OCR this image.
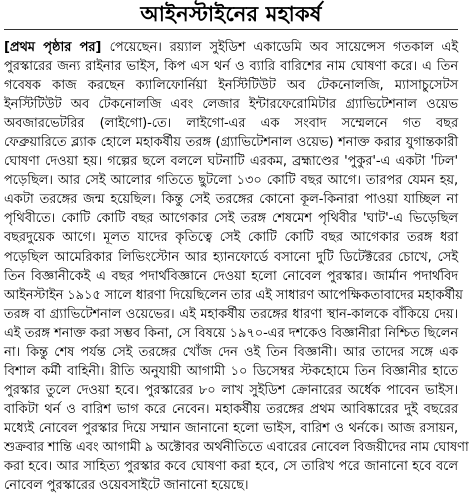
আইনস্টাইনের মহাকর্ষ
[প্রথম পৃষ্ঠার পর] পেয়েছেন। রয়্যাল সুইডিশ একাডেমি অব সায়েন্সেস গতকাল এই
পুরস্কারের জন্য রাইনার ভাইস, কিপ এস থর্ন ও ব্যারি বারিশের নাম ঘোষণা করে। এ তিন
গবেষক কাজ করছেন ক্যালিফোর্নিয়া ইনস্টিটিউট অব টেকনোলজি, ম্যাসাচুসেটস
ইনস্টিটিউট অব টেকনোলজি এবং লেজার ইন্টারফেরোমিটার গ্র্যাভিটেশনাল ওয়েভ
অবজারভেটরির (লাইগো)-তে। লাইগো-এর এক সংবাদ সম্মেলনে গত বছর
ফেব্রুয়ারিতে ব্ল্যাক হোলে মহাকর্ষীয় তরঙ্গ (গ্র্যাভিটেশনাল ওয়েভ) শনাক্ত করার যুগান্তকারী
ঘোষণা দেওয়া হয়। গল্পের ছলে বললে ঘটনাটি এরকম, ব্রহ্মাণ্ডের 'পুকুর'-এ একটা 'ঢিল'
পড়েছিল। আর সেই আলোর গতিতে ছুটলো ১৩০ কোটি বছর আগে। তারপর যেমন হয়,
একটা তরঙ্গের জন্ম হয়েছিল। কিন্তু সেই তরঙ্গের কোনো কূল-কিনারা পাওয়া যাচ্ছিল না
পৃথিবীতে। কোটি কোটি বছর আগেকার সেই তরঙ্গ শেষমেশ পৃথিবীর 'ঘাট'-এ ভিড়েছিল
বছরদুয়েক আগে। মূলত যাদের কৃতিত্বে সেই কোটি কোটি বছর আগেকার তরঙ্গ ধরা
পড়েছিল আমেরিকার লিভিংস্টোন আর হ্যানফোর্ডে বসানো দুটি ডিটেক্টরের চোখে, সেই
তিন বিজ্ঞানীকেই এ বছর পদার্থবিজ্ঞানে দেওয়া হলো নোবেল পুরস্কার। জার্মান পদার্থবিদ
আইনস্টাইন ১৯১৫ সালে ধারণা দিয়েছিলেন তার এই সাধারণ আপেক্ষিকতাবাদের মহাকর্ষীয়
তরঙ্গ বা গ্র্যাভিটেশনাল ওয়েভের। এই মহাকর্ষীয় তরঙ্গের ধারণা স্থান-কালকে বাঁকিয়ে দেয়।
এই তরঙ্গ শনাক্ত করা সম্ভব কিনা, সে বিষয়ে ১৯৭০-এর দশকেও বিজ্ঞানীরা নিশ্চিত ছিলেন
না। কিন্তু শেষ পর্যন্ত সেই তরঙ্গের খোঁজ দেন ওই তিন বিজ্ঞানী। আর তাদের সঙ্গে এক
বিশাল কর্মী বাহিনী। রীতি অনুযায়ী আগামী ১০ ডিসেম্বর স্টকহোমে তিন বিজ্ঞানীর হাতে
পুরস্কার তুলে দেওয়া হবে। পুরস্কারের ৮০ লাখ সুইডিশ ক্রোনারের অর্ধেক পাবেন ভাইস।
বাকিটা থর্ন ও বারিশ ভাগ করে নেবেন। মহাকর্ষীয় তরঙ্গের প্রথম আবিষ্কারের দুই বছরের
মধ্যেই নোবেল পুরস্কার দিয়ে সম্মান জানানো হলো ভাইস, বারিশ ও থর্নকে। আজ রসায়ন,
শুক্রবার শান্তি এবং আগামী ৯ অক্টোবর অর্থনীতিতে এবারের নোবেল বিজয়ীদের নাম ঘোষণা
করা হবে। আর সাহিত্য পুরস্কার কবে ঘোষণা করা হবে, সে তারিখ পরে জানানো হবে বলে
নোবেল পুরস্কারের ওয়েবসাইটে জানানো হয়েছে।
